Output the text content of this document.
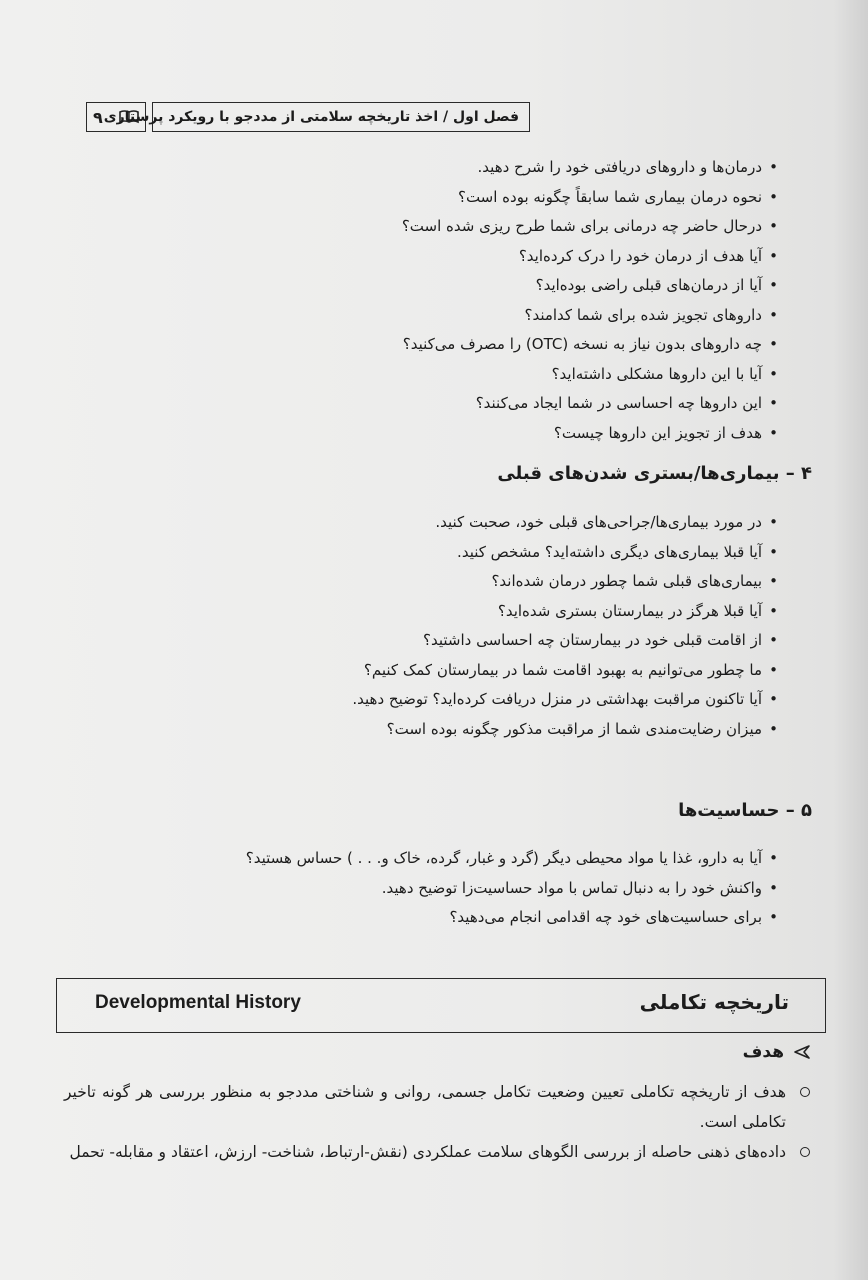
۹ فصل اول / اخذ تاریخچه سلامتی از مددجو با رویکرد پرستاری
• درمان‌ها و داروهای دریافتی خود را شرح دهید.
• نحوه درمان بیماری شما سابقاً چگونه بوده است؟
• درحال حاضر چه درمانی برای شما طرح ریزی شده است؟
• آیا هدف از درمان خود را درک کرده‌اید؟
• آیا از درمان‌های قبلی راضی بوده‌اید؟
• داروهای تجویز شده برای شما کدامند؟
• چه داروهای بدون نیاز به نسخه (OTC) را مصرف می‌کنید؟
• آیا با این داروها مشکلی داشته‌اید؟
• این داروها چه احساسی در شما ایجاد می‌کنند؟
• هدف از تجویز این داروها چیست؟
۴ – بیماری‌ها/بستری شدن‌های قبلی
• در مورد بیماری‌ها/جراحی‌های قبلی خود، صحبت کنید.
• آیا قبلا بیماری‌های دیگری داشته‌اید؟ مشخص کنید.
• بیماری‌های قبلی شما چطور درمان شده‌اند؟
• آیا قبلا هرگز در بیمارستان بستری شده‌اید؟
• از اقامت قبلی خود در بیمارستان چه احساسی داشتید؟
• ما چطور می‌توانیم به بهبود اقامت شما در بیمارستان کمک کنیم؟
• آیا تاکنون مراقبت بهداشتی در منزل دریافت کرده‌اید؟ توضیح دهید.
• میزان رضایت‌مندی شما از مراقبت مذکور چگونه بوده است؟
۵ – حساسیت‌ها
• آیا به دارو، غذا یا مواد محیطی دیگر (گرد و غبار، گرده، خاک و. . . ) حساس هستید؟
• واکنش خود را به دنبال تماس با مواد حساسیت‌زا توضیح دهید.
• برای حساسیت‌های خود چه اقدامی انجام می‌دهید؟
Developmental History	تاریخچه تکاملی
هدف
هدف از تاریخچه تکاملی تعیین وضعیت تکامل جسمی، روانی و شناختی مددجو به منظور بررسی هر گونه تاخیر تکاملی است.
داده‌های ذهنی حاصله از بررسی الگوهای سلامت عملکردی (نقش-ارتباط، شناخت- ارزش، اعتقاد و مقابله- تحمل
